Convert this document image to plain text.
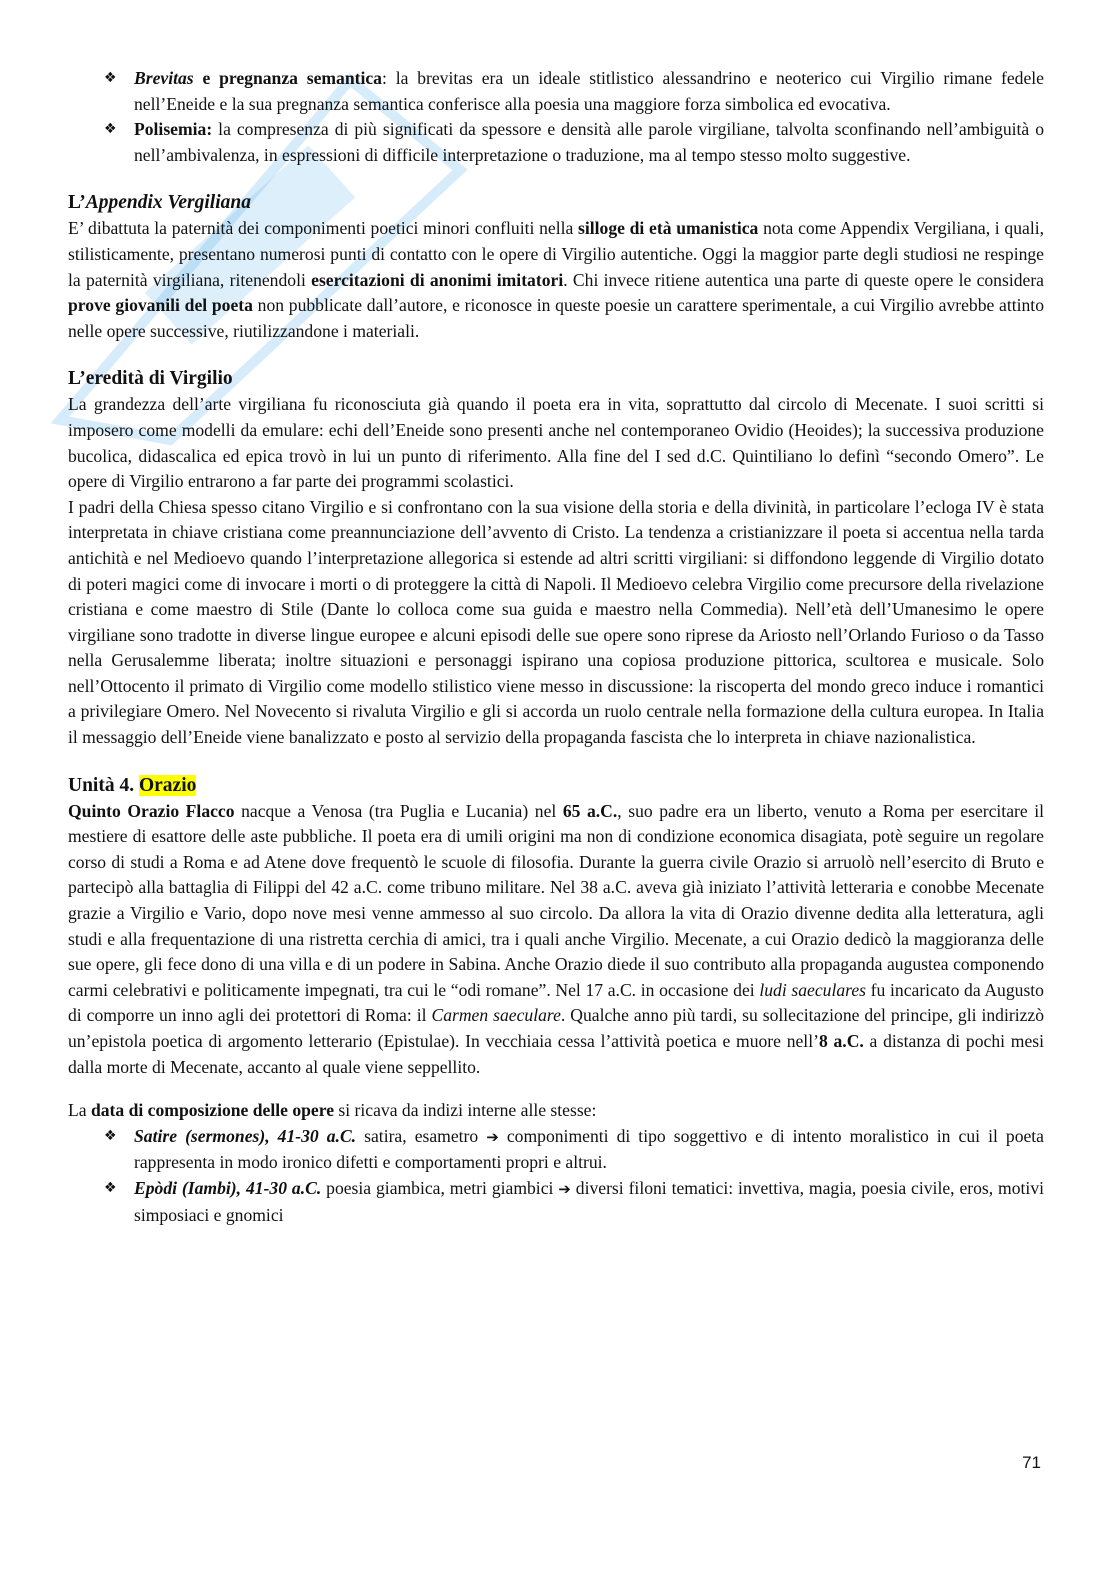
❖ Brevitas e pregnanza semantica: la brevitas era un ideale stitlistico alessandrino e neoterico cui Virgilio rimane fedele nell’Eneide e la sua pregnanza semantica conferisce alla poesia una maggiore forza simbolica ed evocativa.
❖ Polisemia: la compresenza di più significati da spessore e densità alle parole virgiliane, talvolta sconfinando nell’ambiguità o nell’ambivalenza, in espressioni di difficile interpretazione o traduzione, ma al tempo stesso molto suggestive.
L’Appendix Vergiliana

E’ dibattuta la paternità dei componimenti poetici minori confluiti nella silloge di età umanistica nota come Appendix Vergiliana, i quali, stilisticamente, presentano numerosi punti di contatto con le opere di Virgilio autentiche. Oggi la maggior parte degli studiosi ne respinge la paternità virgiliana, ritenendoli esercitazioni di anonimi imitatori. Chi invece ritiene autentica una parte di queste opere le considera prove giovanili del poeta non pubblicate dall’autore, e riconosce in queste poesie un carattere sperimentale, a cui Virgilio avrebbe attinto nelle opere successive, riutilizzandone i materiali.

L’eredità di Virgilio

La grandezza dell’arte virgiliana fu riconosciuta già quando il poeta era in vita, soprattutto dal circolo di Mecenate. I suoi scritti si imposero come modelli da emulare: echi dell’Eneide sono presenti anche nel contemporaneo Ovidio (Heoides); la successiva produzione bucolica, didascalica ed epica trovò in lui un punto di riferimento. Alla fine del I sed d.C. Quintiliano lo definì “secondo Omero”. Le opere di Virgilio entrarono a far parte dei programmi scolastici.

I padri della Chiesa spesso citano Virgilio e si confrontano con la sua visione della storia e della divinità, in particolare l’ecloga IV è stata interpretata in chiave cristiana come preannunciazione dell’avvento di Cristo. La tendenza a cristianizzare il poeta si accentua nella tarda antichità e nel Medioevo quando l’interpretazione allegorica si estende ad altri scritti virgiliani: si diffondono leggende di Virgilio dotato di poteri magici come di invocare i morti o di proteggere la città di Napoli. Il Medioevo celebra Virgilio come precursore della rivelazione cristiana e come maestro di Stile (Dante lo colloca come sua guida e maestro nella Commedia). Nell’età dell’Umanesimo le opere virgiliane sono tradotte in diverse lingue europee e alcuni episodi delle sue opere sono riprese da Ariosto nell’Orlando Furioso o da Tasso nella Gerusalemme liberata; inoltre situazioni e personaggi ispirano una copiosa produzione pittorica, scultorea e musicale. Solo nell’Ottocento il primato di Virgilio come modello stilistico viene messo in discussione: la riscoperta del mondo greco induce i romantici a privilegiare Omero. Nel Novecento si rivaluta Virgilio e gli si accorda un ruolo centrale nella formazione della cultura europea. In Italia il messaggio dell’Eneide viene banalizzato e posto al servizio della propaganda fascista che lo interpreta in chiave nazionalistica.

Unità 4. Orazio

Quinto Orazio Flacco nacque a Venosa (tra Puglia e Lucania) nel 65 a.C., suo padre era un liberto, venuto a Roma per esercitare il mestiere di esattore delle aste pubbliche. Il poeta era di umili origini ma non di condizione economica disagiata, potè seguire un regolare corso di studi a Roma e ad Atene dove frequentò le scuole di filosofia. Durante la guerra civile Orazio si arruolò nell’esercito di Bruto e partecipò alla battaglia di Filippi del 42 a.C. come tribuno militare. Nel 38 a.C. aveva già iniziato l’attività letteraria e conobbe Mecenate grazie a Virgilio e Vario, dopo nove mesi venne ammesso al suo circolo. Da allora la vita di Orazio divenne dedita alla letteratura, agli studi e alla frequentazione di una ristretta cerchia di amici, tra i quali anche Virgilio. Mecenate, a cui Orazio dedicò la maggioranza delle sue opere, gli fece dono di una villa e di un podere in Sabina. Anche Orazio diede il suo contributo alla propaganda augustea componendo carmi celebrativi e politicamente impegnati, tra cui le “odi romane”. Nel 17 a.C. in occasione dei ludi saeculares fu incaricato da Augusto di comporre un inno agli dei protettori di Roma: il Carmen saeculare. Qualche anno più tardi, su sollecitazione del principe, gli indirizzò un’epistola poetica di argomento letterario (Epistulae). In vecchiaia cessa l’attività poetica e muore nell’8 a.C. a distanza di pochi mesi dalla morte di Mecenate, accanto al quale viene seppellito.

La data di composizione delle opere si ricava da indizi interne alle stesse:

❖ Satire (sermones), 41-30 a.C. satira, esametro ➔ componimenti di tipo soggettivo e di intento moralistico in cui il poeta rappresenta in modo ironico difetti e comportamenti propri e altrui.
❖ Epòdi (Iambi), 41-30 a.C. poesia giambica, metri giambici ➔ diversi filoni tematici: invettiva, magia, poesia civile, eros, motivi simposiaci e gnomici
71
